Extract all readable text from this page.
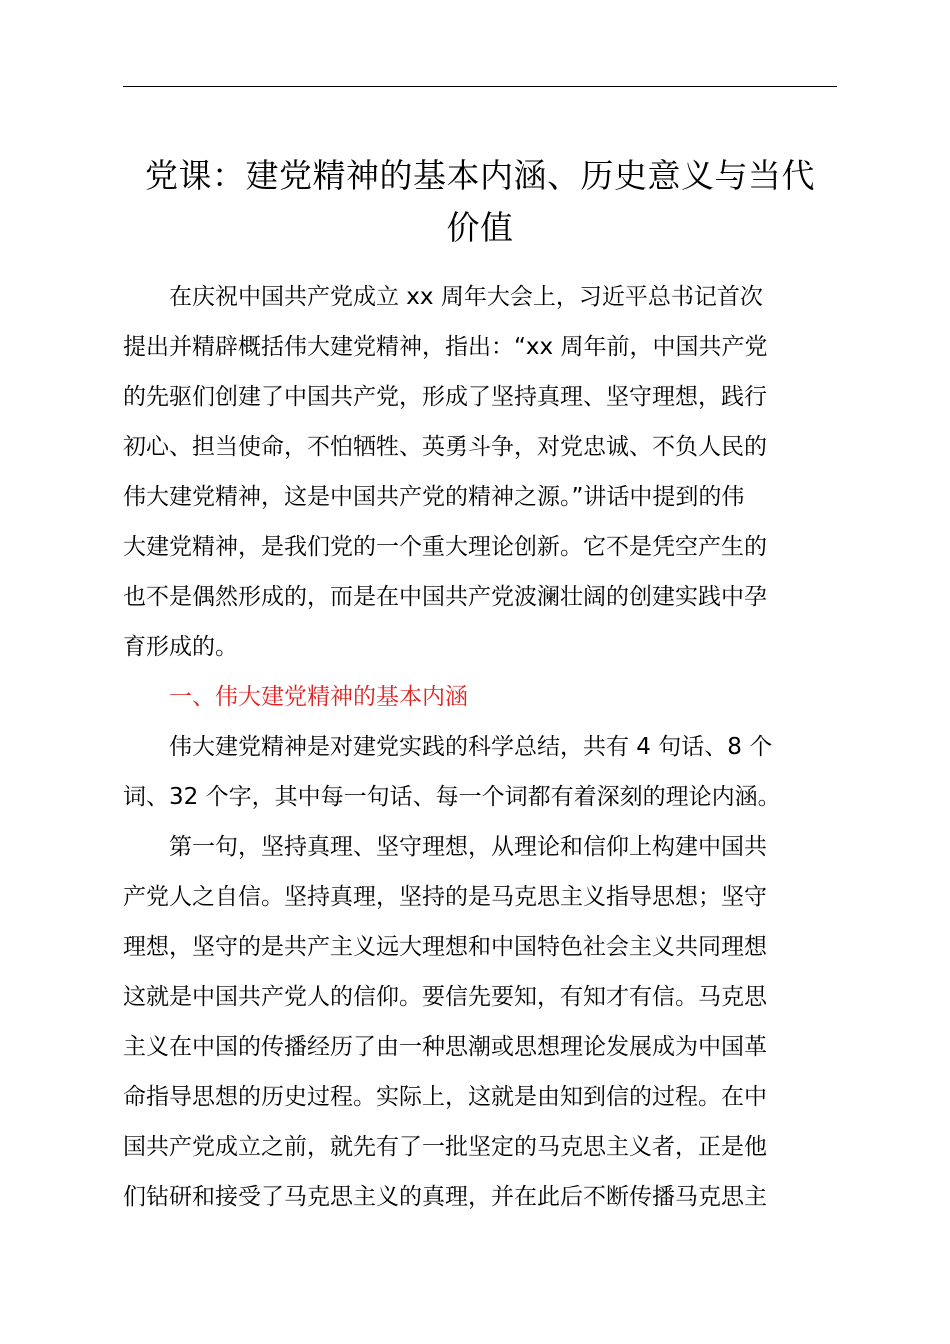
党课：建党精神的基本内涵、历史意义与当代
价值

在庆祝中国共产党成立 xx 周年大会上，习近平总书记首次
提出并精辟概括伟大建党精神，指出：“xx 周年前，中国共产党
的先驱们创建了中国共产党，形成了坚持真理、坚守理想，践行
初心、担当使命，不怕牺牲、英勇斗争，对党忠诚、不负人民的
伟大建党精神，这是中国共产党的精神之源。”讲话中提到的伟
大建党精神，是我们党的一个重大理论创新。它不是凭空产生的
也不是偶然形成的，而是在中国共产党波澜壮阔的创建实践中孕
育形成的。

一、伟大建党精神的基本内涵

伟大建党精神是对建党实践的科学总结，共有 4 句话、8 个
词、32 个字，其中每一句话、每一个词都有着深刻的理论内涵。

第一句，坚持真理、坚守理想，从理论和信仰上构建中国共
产党人之自信。坚持真理，坚持的是马克思主义指导思想；坚守
理想，坚守的是共产主义远大理想和中国特色社会主义共同理想
这就是中国共产党人的信仰。要信先要知，有知才有信。马克思
主义在中国的传播经历了由一种思潮或思想理论发展成为中国革
命指导思想的历史过程。实际上，这就是由知到信的过程。在中
国共产党成立之前，就先有了一批坚定的马克思主义者，正是他
们钻研和接受了马克思主义的真理，并在此后不断传播马克思主
